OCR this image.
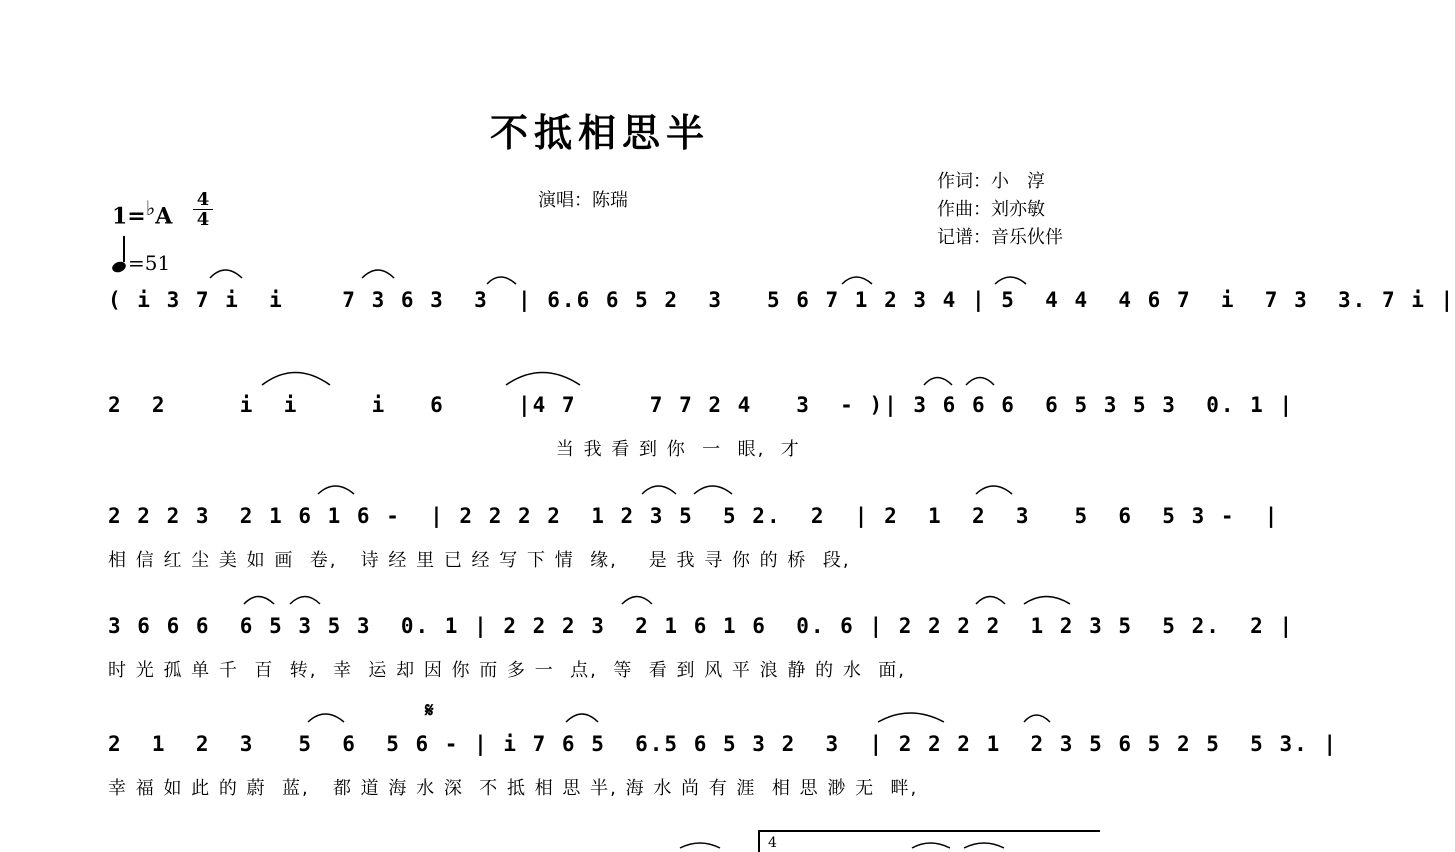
不抵相思半
演唱：陈瑞
作词：小　淳
作曲：刘亦敏
记谱：音乐伙伴
1=♭A
4
4
=51
( i 3 7 i  i    7 3 6 3  3  | 6.6 6 5 2  3   5 6 7 1 2 3 4 | 5  4 4  4 6 7  i  7 3  3. 7 i |
2  2     i  i     i   6     |4 7     7 7 2 4   3  - )| 3 6 6 6  6 5 3 5 3  0. 1 |
当 我 看 到 你  一  眼,  才
2 2 2 3  2 1 6 1 6 -  | 2 2 2 2  1 2 3 5  5 2.  2  | 2  1  2  3   5  6  5 3 -  |
相 信 红 尘 美 如 画  卷,   诗 经 里 已 经 写 下 情  缘,    是 我 寻 你 的 桥  段,
3 6 6 6  6 5 3 5 3  0. 1 | 2 2 2 3  2 1 6 1 6  0. 6 | 2 2 2 2  1 2 3 5  5 2.  2 |
时 光 孤 单 千  百  转,  幸  运 却 因 你 而 多 一  点,  等  看 到 风 平 浪 静 的 水  面,
𝄋
2  1  2  3   5  6  5 6 - | i 7 6 5  6.5 6 5 3 2  3  | 2 2 2 1  2 3 5 6 5 2 5  5 3. |
幸 福 如 此 的 蔚  蓝,   都 道 海 水 深  不 抵 相 思 半, 海 水 尚 有 涯  相 思 渺 无  畔,
4
